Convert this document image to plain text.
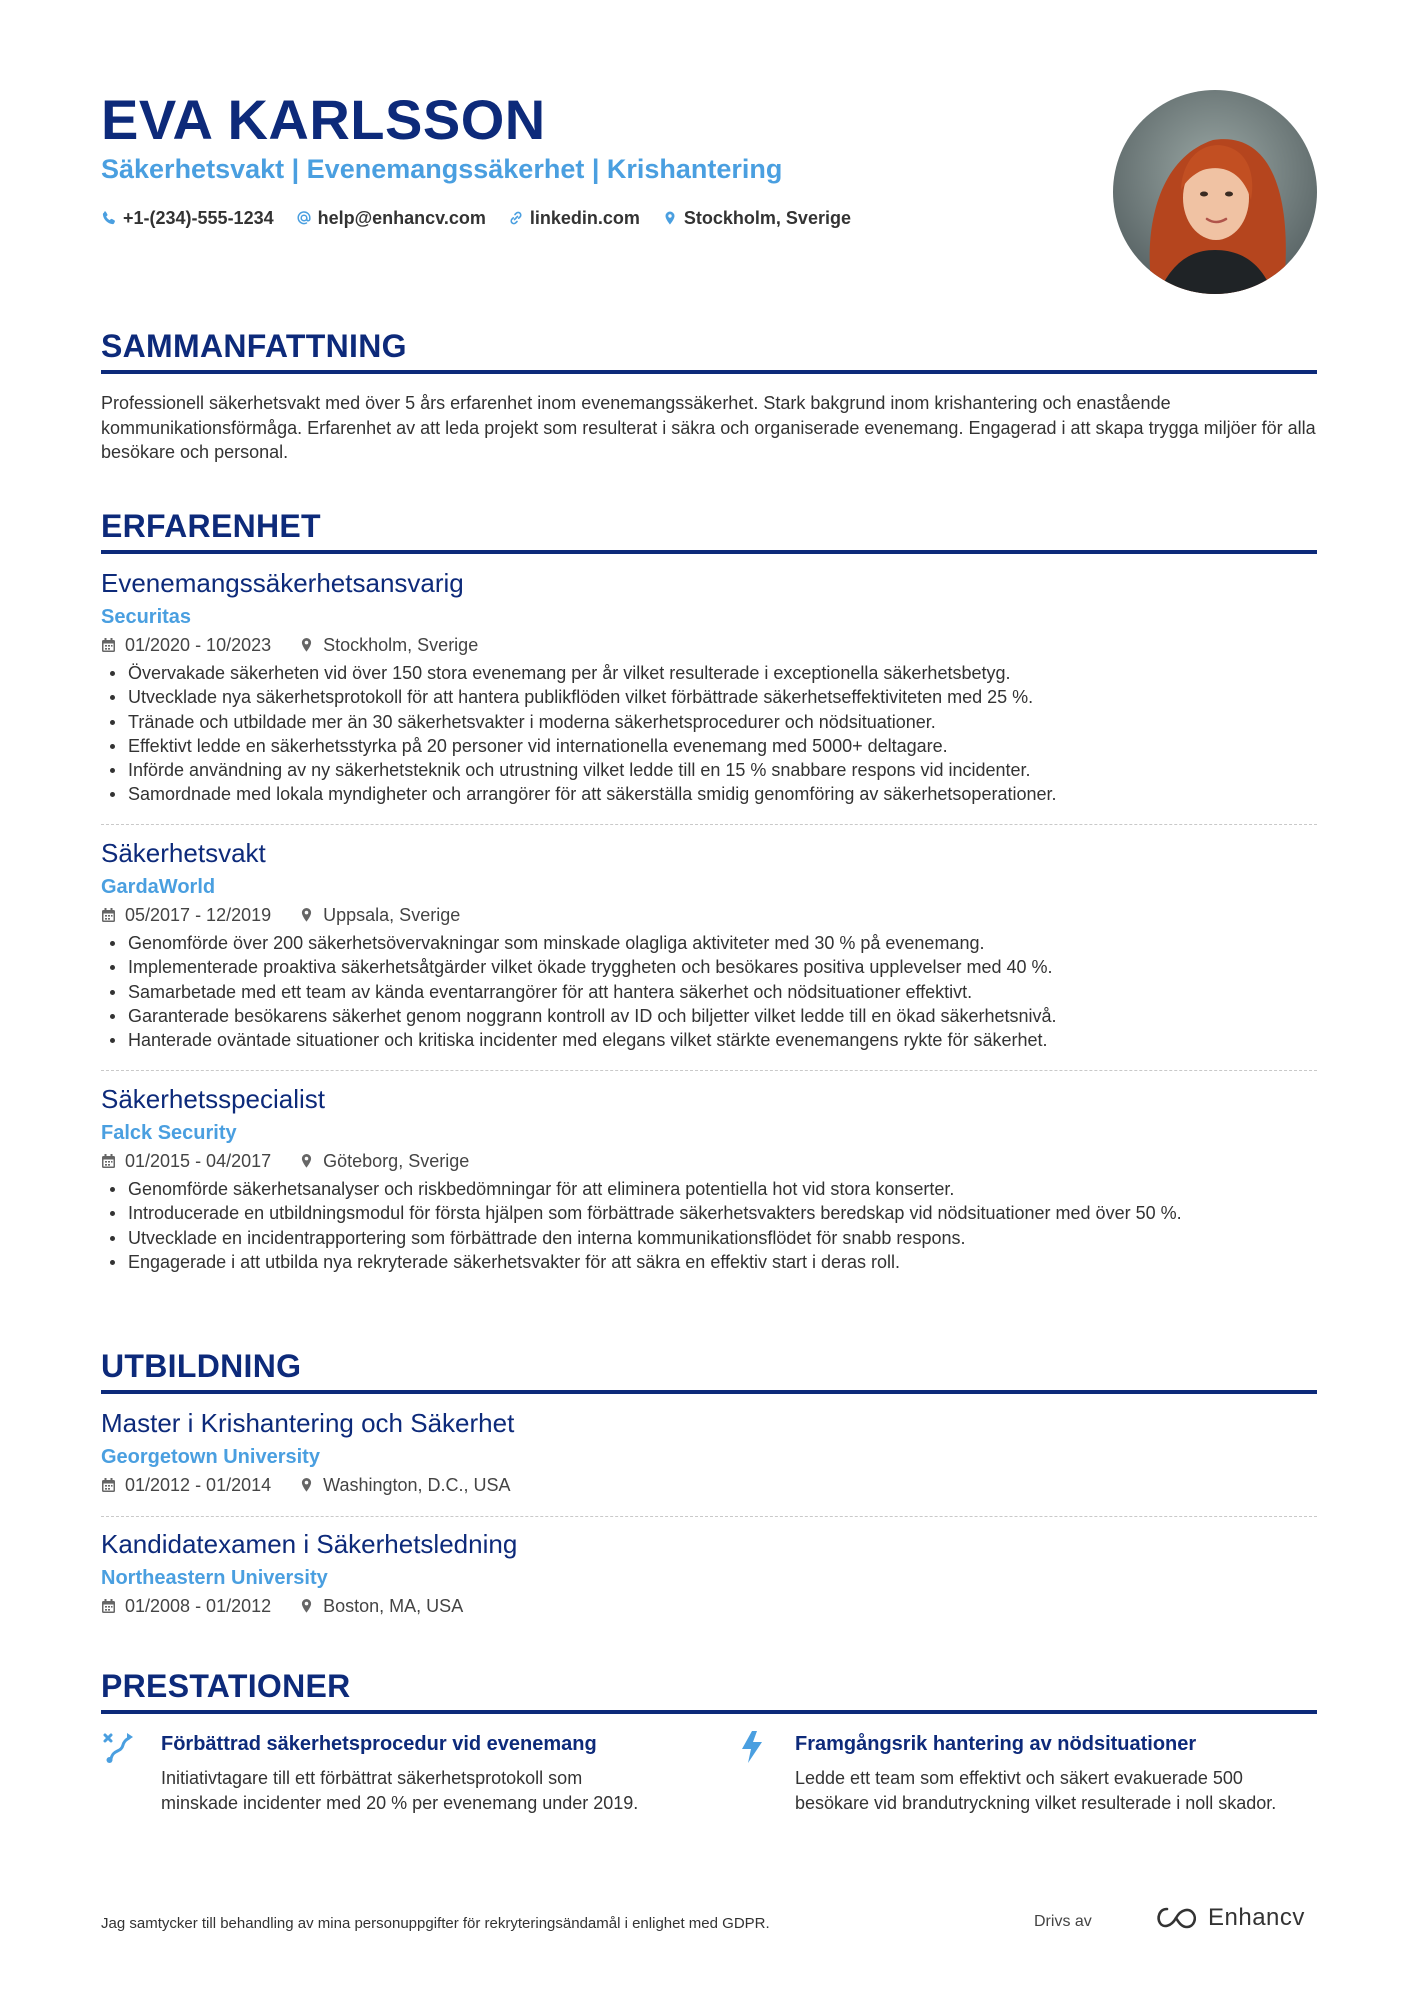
EVA KARLSSON
Säkerhetsvakt | Evenemangssäkerhet | Krishantering
+1-(234)-555-1234 help@enhancv.com linkedin.com Stockholm, Sverige
SAMMANFATTNING
Professionell säkerhetsvakt med över 5 års erfarenhet inom evenemangssäkerhet. Stark bakgrund inom krishantering och enastående kommunikationsförmåga. Erfarenhet av att leda projekt som resulterat i säkra och organiserade evenemang. Engagerad i att skapa trygga miljöer för alla besökare och personal.
ERFARENHET
Evenemangssäkerhetsansvarig
Securitas
01/2020 - 10/2023	Stockholm, Sverige
Övervakade säkerheten vid över 150 stora evenemang per år vilket resulterade i exceptionella säkerhetsbetyg.
Utvecklade nya säkerhetsprotokoll för att hantera publikflöden vilket förbättrade säkerhetseffektiviteten med 25 %.
Tränade och utbildade mer än 30 säkerhetsvakter i moderna säkerhetsprocedurer och nödsituationer.
Effektivt ledde en säkerhetsstyrka på 20 personer vid internationella evenemang med 5000+ deltagare.
Införde användning av ny säkerhetsteknik och utrustning vilket ledde till en 15 % snabbare respons vid incidenter.
Samordnade med lokala myndigheter och arrangörer för att säkerställa smidig genomföring av säkerhetsoperationer.
Säkerhetsvakt
GardaWorld
05/2017 - 12/2019	Uppsala, Sverige
Genomförde över 200 säkerhetsövervakningar som minskade olagliga aktiviteter med 30 % på evenemang.
Implementerade proaktiva säkerhetsåtgärder vilket ökade tryggheten och besökares positiva upplevelser med 40 %.
Samarbetade med ett team av kända eventarrangörer för att hantera säkerhet och nödsituationer effektivt.
Garanterade besökarens säkerhet genom noggrann kontroll av ID och biljetter vilket ledde till en ökad säkerhetsnivå.
Hanterade oväntade situationer och kritiska incidenter med elegans vilket stärkte evenemangens rykte för säkerhet.
Säkerhetsspecialist
Falck Security
01/2015 - 04/2017	Göteborg, Sverige
Genomförde säkerhetsanalyser och riskbedömningar för att eliminera potentiella hot vid stora konserter.
Introducerade en utbildningsmodul för första hjälpen som förbättrade säkerhetsvakters beredskap vid nödsituationer med över 50 %.
Utvecklade en incidentrapportering som förbättrade den interna kommunikationsflödet för snabb respons.
Engagerade i att utbilda nya rekryterade säkerhetsvakter för att säkra en effektiv start i deras roll.
UTBILDNING
Master i Krishantering och Säkerhet
Georgetown University
01/2012 - 01/2014	Washington, D.C., USA
Kandidatexamen i Säkerhetsledning
Northeastern University
01/2008 - 01/2012	Boston, MA, USA
PRESTATIONER
Förbättrad säkerhetsprocedur vid evenemang
Initiativtagare till ett förbättrat säkerhetsprotokoll som minskade incidenter med 20 % per evenemang under 2019.
Framgångsrik hantering av nödsituationer
Ledde ett team som effektivt och säkert evakuerade 500 besökare vid brandutryckning vilket resulterade i noll skador.
Jag samtycker till behandling av mina personuppgifter för rekryteringsändamål i enlighet med GDPR.	Drivs av	Enhancv
